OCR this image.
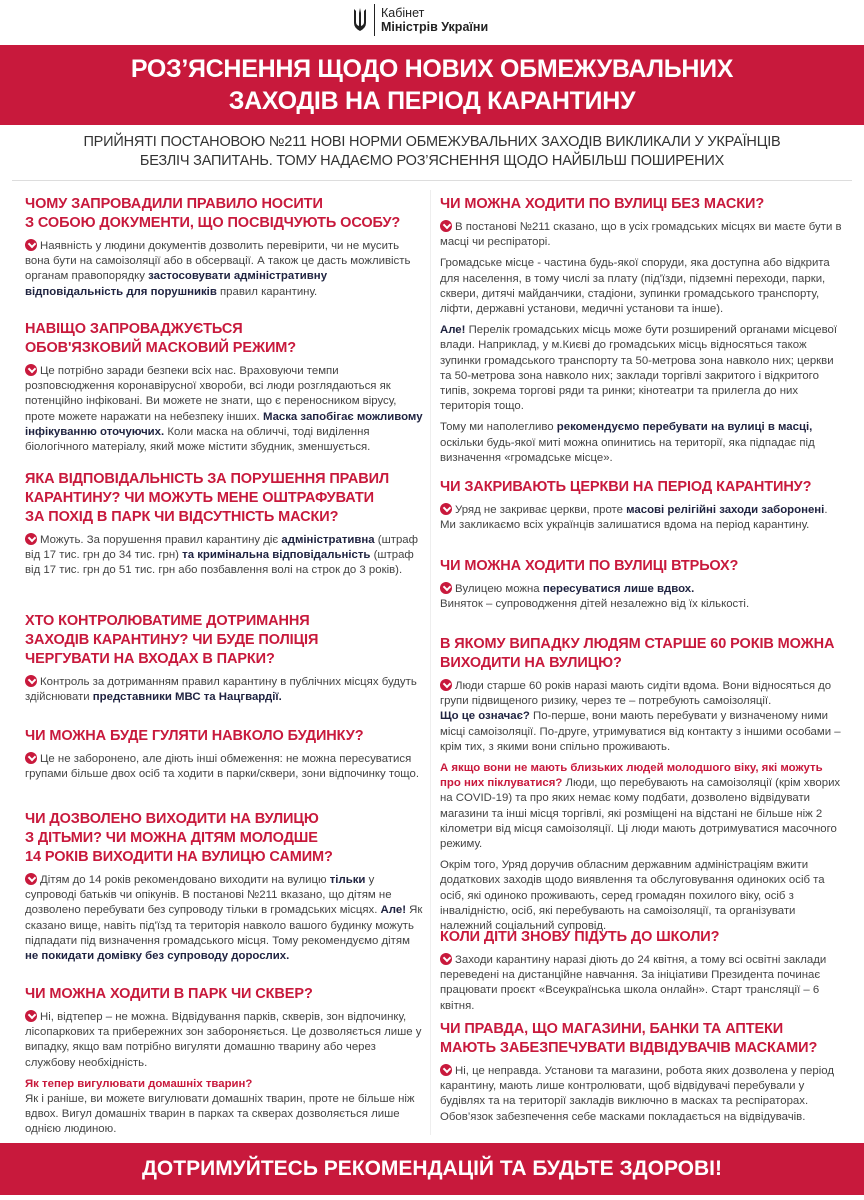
Кабінет
Міністрів України
РОЗ’ЯСНЕННЯ ЩОДО НОВИХ ОБМЕЖУВАЛЬНИХ
ЗАХОДІВ НА ПЕРІОД КАРАНТИНУ
ПРИЙНЯТІ ПОСТАНОВОЮ №211 НОВІ НОРМИ ОБМЕЖУВАЛЬНИХ ЗАХОДІВ ВИКЛИКАЛИ У УКРАЇНЦІВ
БЕЗЛІЧ ЗАПИТАНЬ. ТОМУ НАДАЄМО РОЗ’ЯСНЕННЯ ЩОДО НАЙБІЛЬШ ПОШИРЕНИХ
ЧОМУ ЗАПРОВАДИЛИ ПРАВИЛО НОСИТИ
З СОБОЮ ДОКУМЕНТИ, ЩО ПОСВІДЧУЮТЬ ОСОБУ?

Наявність у людини документів дозволить перевірити, чи не мусить вона бути на самоізоляції або в обсервації. А також це дасть можливість органам правопорядку застосовувати адміністративну відповідальність для порушників правил карантину.

НАВІЩО ЗАПРОВАДЖУЄТЬСЯ
ОБОВ'ЯЗКОВИЙ МАСКОВИЙ РЕЖИМ?

Це потрібно заради безпеки всіх нас. Враховуючи темпи розповсюдження коронавірусної хвороби, всі люди розглядаються як потенційно інфіковані. Ви можете не знати, що є переносником вірусу, проте можете наражати на небезпеку інших. Маска запобігає можливому інфікуванню оточуючих. Коли маска на обличчі, тоді виділення біологічного матеріалу, який може містити збудник, зменшується.

ЯКА ВІДПОВІДАЛЬНІСТЬ ЗА ПОРУШЕННЯ ПРАВИЛ
КАРАНТИНУ? ЧИ МОЖУТЬ МЕНЕ ОШТРАФУВАТИ
ЗА ПОХІД В ПАРК ЧИ ВІДСУТНІСТЬ МАСКИ?

Можуть. За порушення правил карантину діє адміністративна (штраф від 17 тис. грн до 34 тис. грн) та кримінальна відповідальність (штраф від 17 тис. грн до 51 тис. грн або позбавлення волі на строк до 3 років).

ХТО КОНТРОЛЮВАТИМЕ ДОТРИМАННЯ
ЗАХОДІВ КАРАНТИНУ? ЧИ БУДЕ ПОЛІЦІЯ
ЧЕРГУВАТИ НА ВХОДАХ В ПАРКИ?

Контроль за дотриманням правил карантину в публічних місцях будуть здійснювати представники МВС та Нацгвардії.

ЧИ МОЖНА БУДЕ ГУЛЯТИ НАВКОЛО БУДИНКУ?

Це не заборонено, але діють інші обмеження: не можна пересуватися групами більше двох осіб та ходити в парки/сквери, зони відпочинку тощо.

ЧИ ДОЗВОЛЕНО ВИХОДИТИ НА ВУЛИЦЮ
З ДІТЬМИ? ЧИ МОЖНА ДІТЯМ МОЛОДШЕ
14 РОКІВ ВИХОДИТИ НА ВУЛИЦЮ САМИМ?

Дітям до 14 років рекомендовано виходити на вулицю тільки у супроводі батьків чи опікунів. В постанові №211 вказано, що дітям не дозволено перебувати без супроводу тільки в громадських місцях. Але! Як сказано вище, навіть під'їзд та територія навколо вашого будинку можуть підпадати під визначення громадського місця. Тому рекомендуємо дітям не покидати домівку без супроводу дорослих.

ЧИ МОЖНА ХОДИТИ В ПАРК ЧИ СКВЕР?

Ні, відтепер – не можна. Відвідування парків, скверів, зон відпочинку, лісопаркових та прибережних зон забороняється. Це дозволяється лише у випадку, якщо вам потрібно вигуляти домашню тварину або через службову необхідність.

Як тепер вигулювати домашніх тварин?
Як і раніше, ви можете вигулювати домашніх тварин, проте не більше ніж вдвох. Вигул домашніх тварин в парках та скверах дозволяється лише однією людиною.

ЧИ МОЖНА ХОДИТИ ПО ВУЛИЦІ БЕЗ МАСКИ?

В постанові №211 сказано, що в усіх громадських місцях ви маєте бути в масці чи респіраторі.

Громадське місце - частина будь-якої споруди, яка доступна або відкрита для населення, в тому числі за плату (під'їзди, підземні переходи, парки, сквери, дитячі майданчики, стадіони, зупинки громадського транспорту, ліфти, державні установи, медичні установи та інше).

Але! Перелік громадських місць може бути розширений органами місцевої влади. Наприклад, у м.Києві до громадських місць відносяться також зупинки громадського транспорту та 50-метрова зона навколо них; церкви та 50-метрова зона навколо них; заклади торгівлі закритого і відкритого типів, зокрема торгові ряди та ринки; кінотеатри та прилегла до них територія тощо.

Тому ми наполегливо рекомендуємо перебувати на вулиці в масці, оскільки будь-якої миті можна опинитись на території, яка підпадає під визначення «громадське місце».

ЧИ ЗАКРИВАЮТЬ ЦЕРКВИ НА ПЕРІОД КАРАНТИНУ?

Уряд не закриває церкви, проте масові релігійні заходи заборонені. Ми закликаємо всіх українців залишатися вдома на період карантину.

ЧИ МОЖНА ХОДИТИ ПО ВУЛИЦІ ВТРЬОХ?

Вулицею можна пересуватися лише вдвох.
Виняток – супроводження дітей незалежно від їх кількості.

В ЯКОМУ ВИПАДКУ ЛЮДЯМ СТАРШЕ 60 РОКІВ МОЖНА
ВИХОДИТИ НА ВУЛИЦЮ?

Люди старше 60 років наразі мають сидіти вдома. Вони відносяться до групи підвищеного ризику, через те – потребують самоізоляції.
Що це означає? По-перше, вони мають перебувати у визначеному ними місці самоізоляції. По-друге, утримуватися від контакту з іншими особами – крім тих, з якими вони спільно проживають.

А якщо вони не мають близьких людей молодшого віку, які можуть про них піклуватися? Люди, що перебувають на самоізоляції (крім хворих на COVID-19) та про яких немає кому подбати, дозволено відвідувати магазини та інші місця торгівлі, які розміщені на відстані не більше ніж 2 кілометри від місця самоізоляції. Ці люди мають дотримуватися масочного режиму.

Окрім того, Уряд доручив обласним державним адміністраціям вжити додаткових заходів щодо виявлення та обслуговування одиноких осіб та осіб, які одиноко проживають, серед громадян похилого віку, осіб з інвалідністю, осіб, які перебувають на самоізоляції, та організувати належний соціальний супровід.

КОЛИ ДІТИ ЗНОВУ ПІДУТЬ ДО ШКОЛИ?

Заходи карантину наразі діють до 24 квітня, а тому всі освітні заклади переведені на дистанційне навчання. За ініціативи Президента починає працювати проєкт «Всеукраїнська школа онлайн». Старт трансляції – 6 квітня.

ЧИ ПРАВДА, ЩО МАГАЗИНИ, БАНКИ ТА АПТЕКИ
МАЮТЬ ЗАБЕЗПЕЧУВАТИ ВІДВІДУВАЧІВ МАСКАМИ?

Ні, це неправда. Установи та магазини, робота яких дозволена у період карантину, мають лише контролювати, щоб відвідувачі перебували у будівлях та на території закладів виключно в масках та респіраторах. Обов’язок забезпечення себе масками покладається на відвідувачів.

ДОТРИМУЙТЕСЬ РЕКОМЕНДАЦІЙ ТА БУДЬТЕ ЗДОРОВІ!
